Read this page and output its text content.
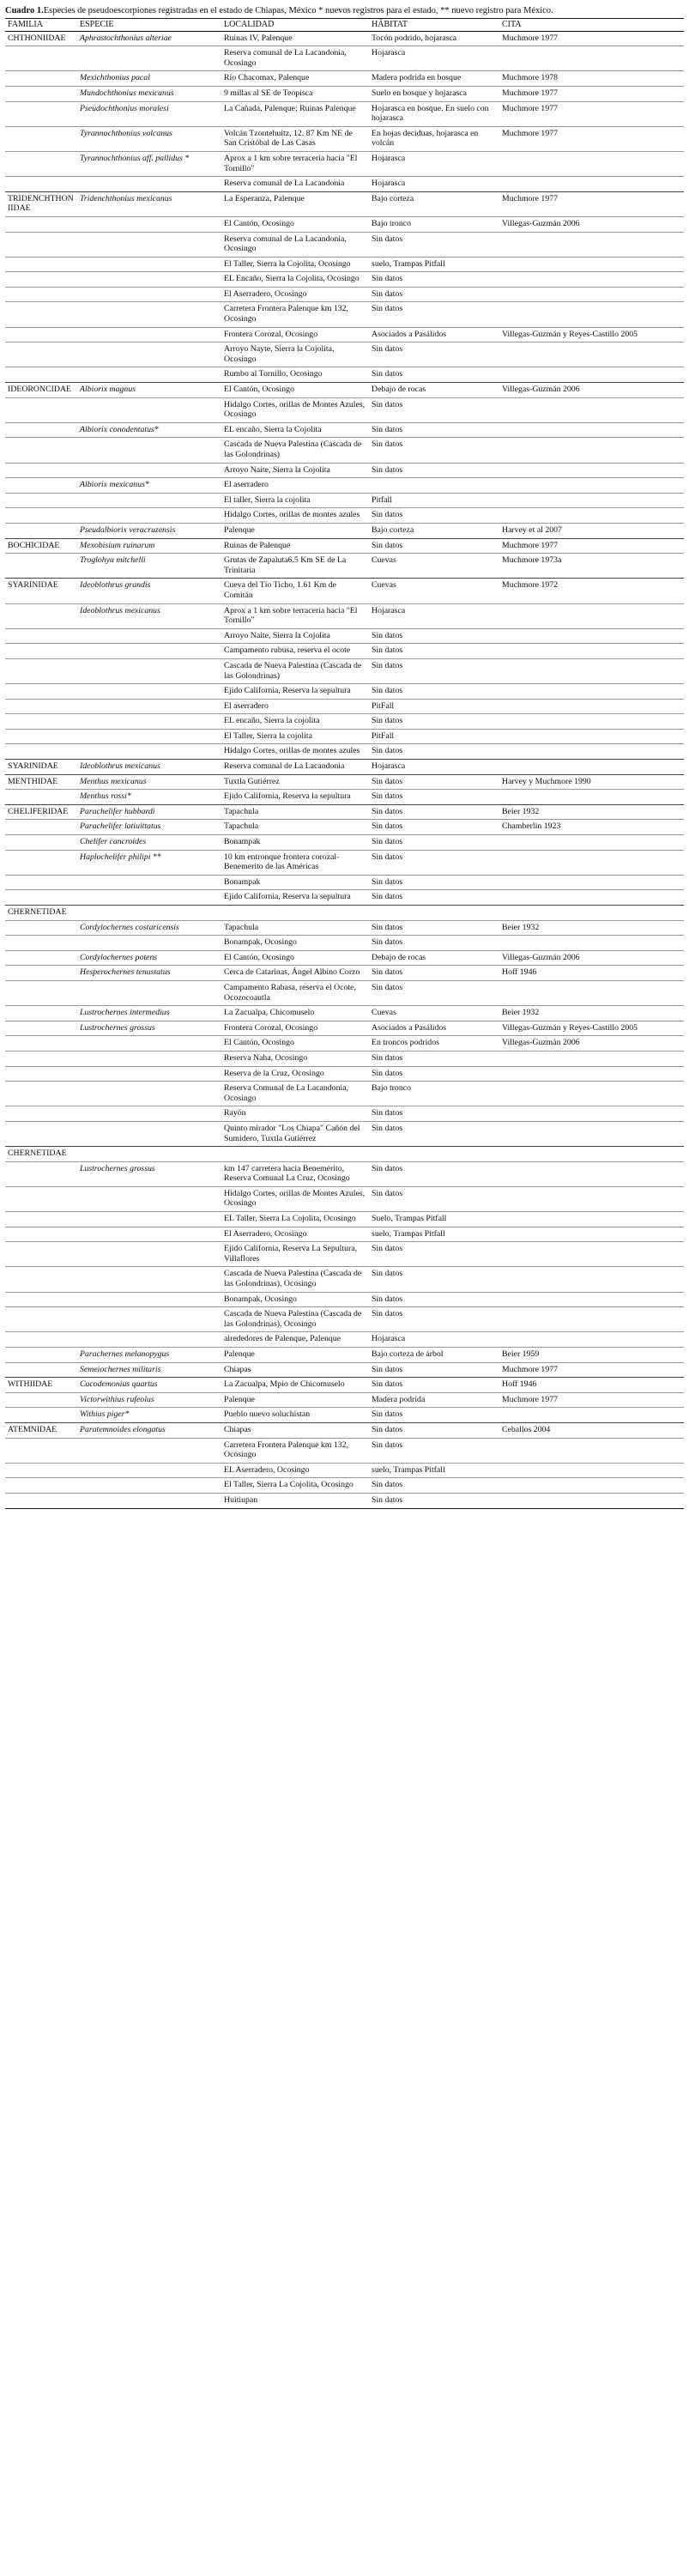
Cuadro 1.Especies de pseudoescorpiones registradas en el estado de Chiapas, México * nuevos registros para el estado, ** nuevo registro para México.

FAMILIA	ESPECIE	LOCALIDAD	HÁBITAT	CITA
CHTHONIIDAE	Aphrastochthonius alteriae	Ruinas IV, Palenque	Tocón podrido, hojarasca	Muchmore 1977
		Reserva comunal de La Lacandonia, Ocosingo	Hojarasca	
	Mexichthonius pacal	Río Chacomax, Palenque	Madera podrida en bosque	Muchmore 1978
	Mundochthonius mexicanus	9 millas al SE de Teopisca	Suelo en bosque y hojarasca	Muchmore 1977
	Pseudochthonius moralesi	La Cañada, Palenque; Ruinas Palenque	Hojarasca en bosque. En suelo con hojarasca	Muchmore 1977
	Tyrannochthonius volcanus	Volcán Tzontehuitz, 12. 87 Km NE de San Cristóbal de Las Casas	En hojas deciduas, hojarasca en volcán	Muchmore 1977
	Tyrannochthonius aff. pallidus *	Aprox a 1 km sobre terracería hacia "El Tornillo"	Hojarasca	
		Reserva comunal de La Lacandonia	Hojarasca	
TRIDENCHTHONIIDAE	Tridenchthonius mexicanus	La Esperanza, Palenque	Bajo corteza	Muchmore 1977
		El Cantón, Ocosingo	Bajo tronco	Villegas-Guzmán 2006
		Reserva comunal de La Lacandonia, Ocosingo	Sin datos	
		El Taller, Sierra la Cojolita, Ocosingo	suelo, Trampas Pitfall	
		EL Encaño, Sierra la Cojolita, Ocosingo	Sin datos	
		El Aserradero, Ocosingo	Sin datos	
		Carretera Frontera Palenque km 132, Ocosingo	Sin datos	
		Frontera Corozal, Ocosingo	Asociados a Pasálidos	Villegas-Guzmán y Reyes-Castillo 2005
		Arroyo Nayte, Sierra la Cojolita, Ocosingo	Sin datos	
		Rumbo al Tornillo, Ocosingo	Sin datos	
IDEORONCIDAE	Albiorix magnus	El Cantón, Ocosingo	Debajo de rocas	Villegas-Guzmán 2006
		Hidalgo Cortes, orillas de Montes Azules, Ocosingo	Sin datos	
	Albiorix conodentatus*	EL encaño, Sierra la Cojolita	Sin datos	
		Cascada de Nueva Palestina (Cascada de las Golondrinas)	Sin datos	
		Arroyo Naite, Sierra la Cojolita	Sin datos	
	Albiorix mexicanus*	El aserradero		
		El taller, Sierra la cojolita	Pitfall	
		Hidalgo Cortes, orillas de montes azules	Sin datos	
	Pseudalbiorix veracruzensis	Palenque	Bajo corteza	Harvey et al 2007
BOCHICIDAE	Mexobisium ruinarum	Ruinas de Palenque	Sin datos	Muchmore 1977
	Troglohya mitchelli	Grutas de Zapaluta6.5 Km SE de La Trinitaria	Cuevas	Muchmore 1973a
SYARINIDAE	Ideoblothrus grandis	Cueva del Tío Ticho, 1.61 Km de Comitán	Cuevas	Muchmore 1972
	Ideoblothrus mexicanus	Aprox a 1 km sobre terracería hacia "El Tornillo"	Hojarasca	
		Arroyo Naite, Sierra la Cojolita	Sin datos	
		Campamento rubusa, reserva el ocote	Sin datos	
		Cascada de Nueva Palestina (Cascada de las Golondrinas)	Sin datos	
		Ejido California, Reserva la sepultura	Sin datos	
		El aserradero	PitFall	
		EL encaño, Sierra la cojolita	Sin datos	
		El Taller, Sierra la cojolita	PitFall	
		Hidalgo Cortes, orillas de montes azules	Sin datos	
SYARINIDAE	Ideoblothrus mexicanus	Reserva comunal de La Lacandonia	Hojarasca	
MENTHIDAE	Menthus mexicanus	Tuxtla Gutiérrez	Sin datos	Harvey y Muchmore 1990
	Menthus rossi*	Ejido California, Reserva la sepultura	Sin datos	
CHELIFERIDAE	Parachelifer hubbardi	Tapachula	Sin datos	Beier 1932
	Parachelifer latiuittatus	Tapachula	Sin datos	Chamberlin 1923
	Chelifer cancroides	Bonampak	Sin datos	
	Haplochelifer philipi **	10 km entronque frontera corozal-Benemerito de las Américas	Sin datos	
		Bonampak	Sin datos	
		Ejido California, Reserva la sepultura	Sin datos	
CHERNETIDAE				
	Cordylochernes costaricensis	Tapachula	Sin datos	Beier 1932
		Bonampak, Ocosingo	Sin datos	
	Cordylochernes potens	El Cantón, Ocosingo	Debajo de rocas	Villegas-Guzmán 2006
	Hesperochernes tenustatus	Cerca de Catarinas, Ángel Albino Corzo	Sin datos	Hoff 1946
		Campamento Rabasa, reserva el Ocote, Ocozocoautla	Sin datos	
	Lustrochernes intermedius	La Zacualpa, Chicomuselo	Cuevas	Beier 1932
	Lustrochernes grossus	Frontera Corozal, Ocosingo	Asociados a Pasálidos	Villegas-Guzmán y Reyes-Castillo 2005
		El Cantón, Ocosingo	En troncos podridos	Villegas-Guzmán 2006
		Reserva Naha, Ocosingo	Sin datos	
		Reserva de la Cruz, Ocosingo	Sin datos	
		Reserva Comunal de La Lacandonia, Ocosingo	Bajo tronco	
		Rayón	Sin datos	
		Quinto mirador "Los Chiapa" Cañón del Sumidero, Tuxtla Gutiérrez	Sin datos	
CHERNETIDAE				
	Lustrochernes grossus	km 147 carretera hacia Benemérito, Reserva Comunal La Cruz, Ocosingo	Sin datos	
		Hidalgo Cortes, orillas de Montes Azules, Ocosingo	Sin datos	
		EL Taller, Sierra La Cojolita, Ocosingo	Suelo, Trampas Pitfall	
		El Aserradero, Ocosingo	suelo, Trampas Pitfall	
		Ejido California, Reserva La Sepultura, Villaflores	Sin datos	
		Cascada de Nueva Palestina (Cascada de las Golondrinas), Ocosingo	Sin datos	
		Bonampak, Ocosingo	Sin datos	
		Cascada de Nueva Palestina (Cascada de las Golondrinas), Ocosingo	Sin datos	
		alrededores de Palenque, Palenque	Hojarasca	
	Parachernes melanopygus	Palenque	Bajo corteza de árbol	Beier 1959
	Semeiochernes militaris	Chiapas	Sin datos	Muchmore 1977
WITHIIDAE	Cacodemonius quartus	La Zacualpa, Mpio de Chicomuselo	Sin datos	Hoff 1946
	Victorwithius rufeolus	Palenque	Madera podrida	Muchmore 1977
	Withius piger*	Pueblo nuevo soluchistan	Sin datos	
ATEMNIDAE	Paratemnoides elongatus	Chiapas	Sin datos	Ceballos 2004
		Carretera Frontera Palenque km 132, Ocosingo	Sin datos	
		EL Aserradero, Ocosingo	suelo, Trampas Pitfall	
		El Taller, Sierra La Cojolita, Ocosingo	Sin datos	
		Huitiupan	Sin datos	
